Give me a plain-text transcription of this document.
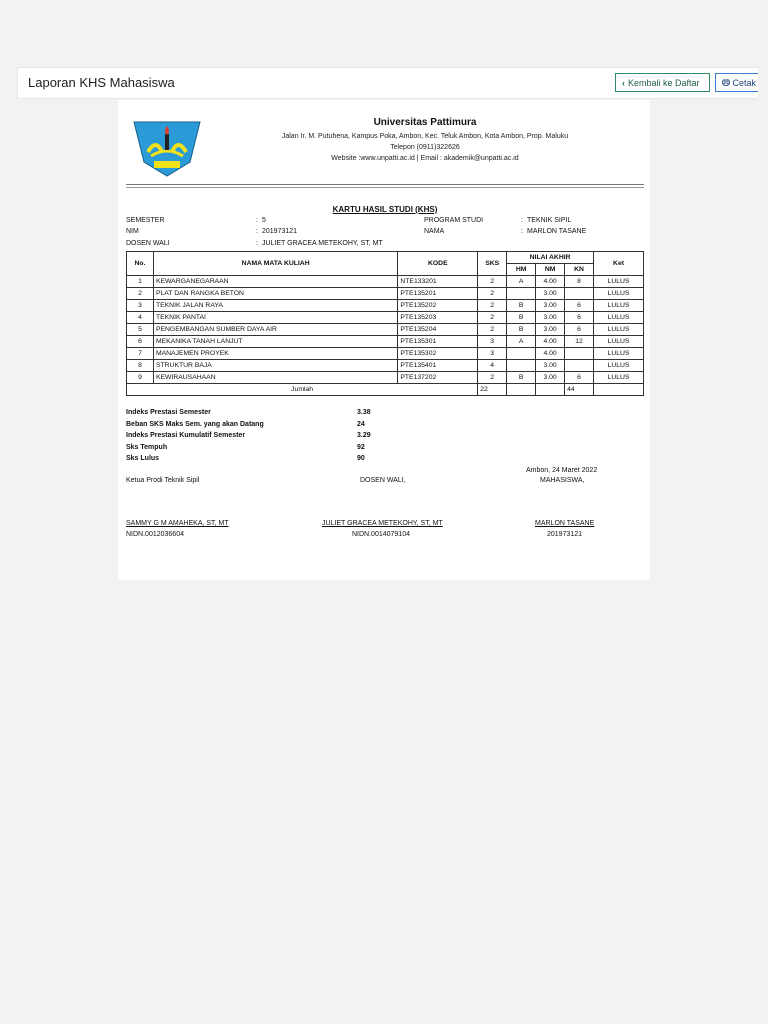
Laporan KHS Mahasiswa	‹ Kembali ke Daftar	Cetak
Universitas Pattimura
Jalan Ir. M. Putuhena, Kampus Poka, Ambon, Kec. Teluk Ambon, Kota Ambon, Prop. Maluku
Telepon (0911)322626
Website :www.unpatti.ac.id | Email : akademik@unpatti.ac.id
KARTU HASIL STUDI (KHS)
SEMESTER	: 5
NIM	: 201973121
DOSEN WALI	: JULIET GRACEA METEKOHY, ST, MT
PROGRAM STUDI	: TEKNIK SIPIL
NAMA	: MARLON TASANE
No.	NAMA MATA KULIAH	KODE	SKS	NILAI AKHIR			Ket
				HM	NM	KN	
1	KEWARGANEGARAAN	NTE133201	2	A	4.00	8	LULUS
2	PLAT DAN RANGKA BETON	PTE135201	2		3.00		LULUS
3	TEKNIK JALAN RAYA	PTE135202	2	B	3.00	6	LULUS
4	TEKNIK PANTAI	PTE135203	2	B	3.00	6	LULUS
5	PENGEMBANGAN SUMBER DAYA AIR	PTE135204	2	B	3.00	6	LULUS
6	MEKANIKA TANAH LANJUT	PTE135301	3	A	4.00	12	LULUS
7	MANAJEMEN PROYEK	PTE135302	3		4.00		LULUS
8	STRUKTUR BAJA	PTE135401	4		3.00		LULUS
9	KEWIRAUSAHAAN	PTE137202	2	B	3.00	6	LULUS
Jumlah			22			44	
Indeks Prestasi Semester	3.38
Beban SKS Maks Sem. yang akan Datang	24
Indeks Prestasi Kumulatif Semester	3.29
Sks Tempuh	92
Sks Lulus	90
Ambon, 24 Maret 2022
Ketua Prodi Teknik Sipil	DOSEN WALI,	MAHASISWA,
SAMMY G M AMAHEKA, ST, MT	JULIET GRACEA METEKOHY, ST, MT	MARLON TASANE
NIDN.0012036604	NIDN.0014079104	201973121
